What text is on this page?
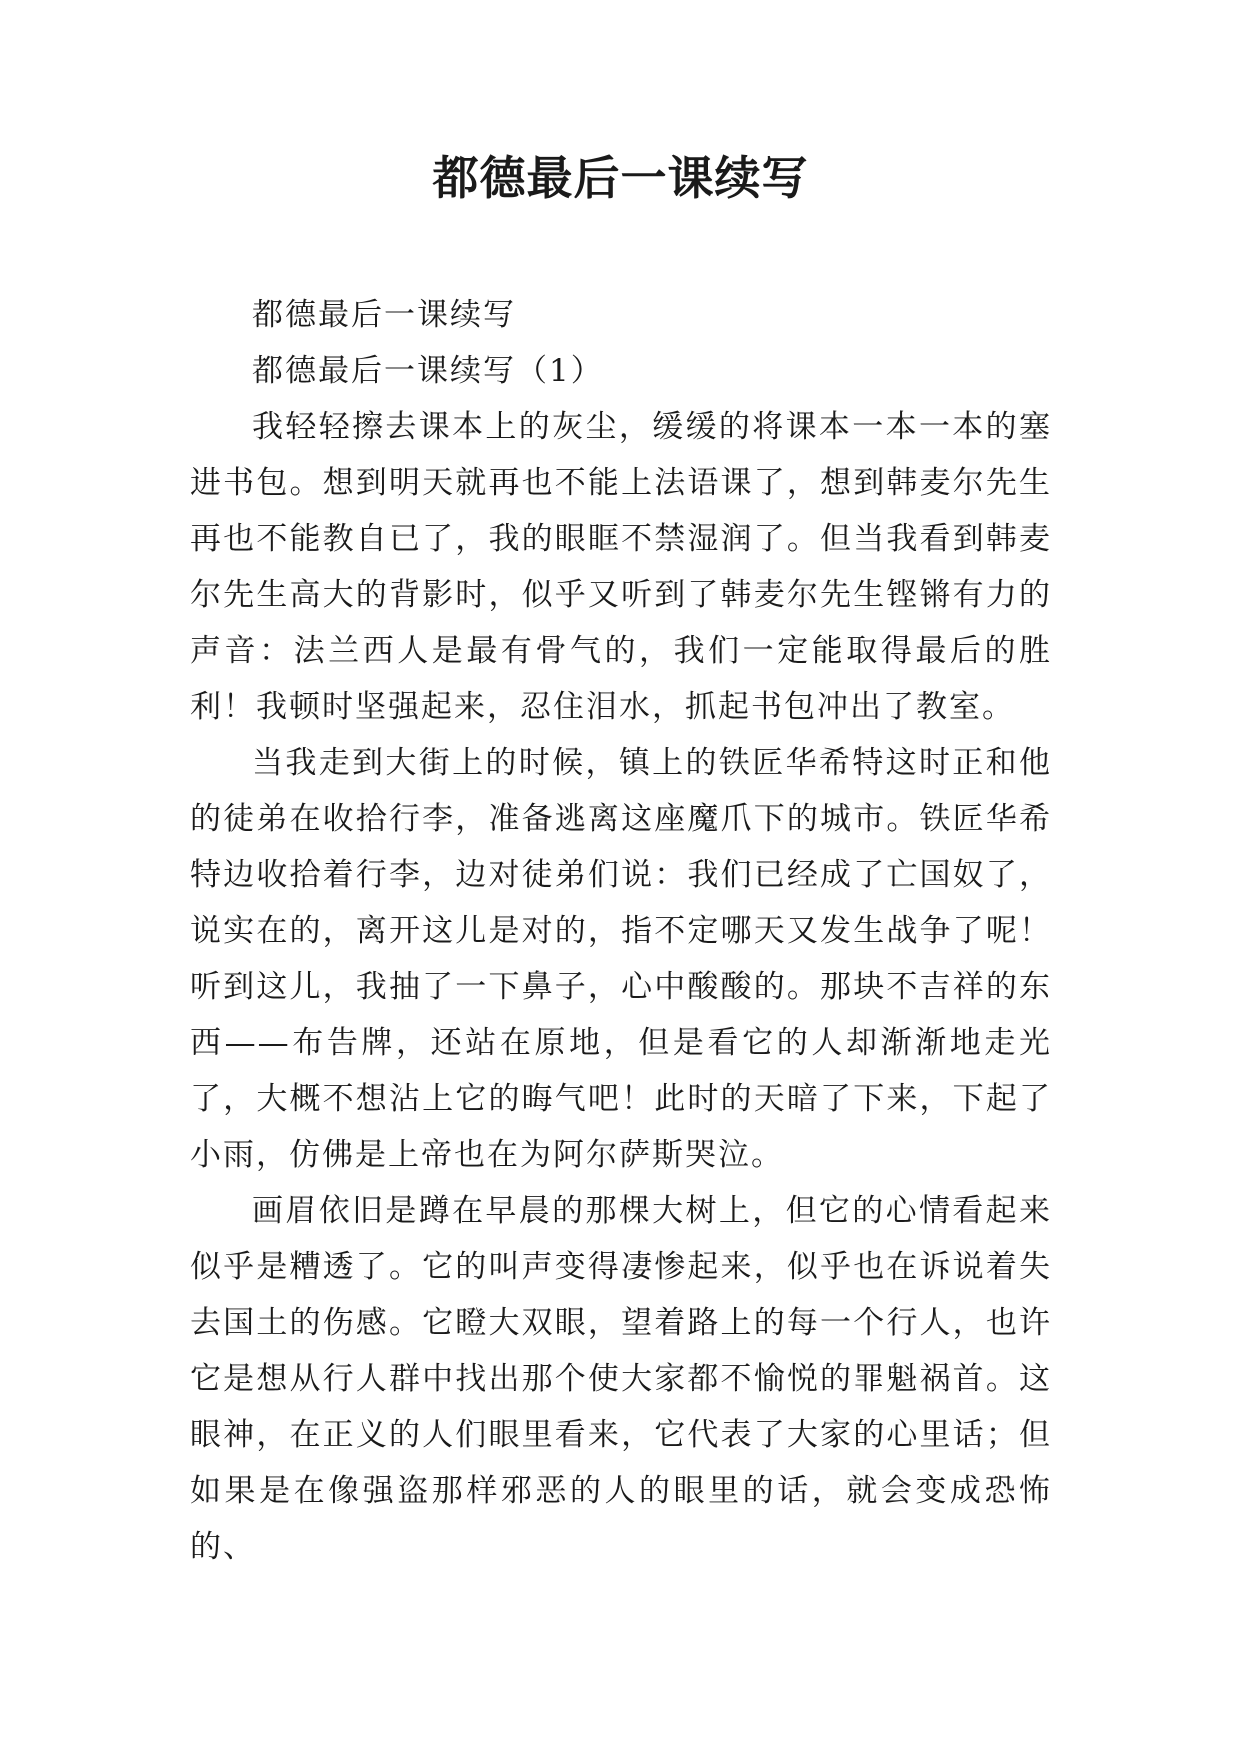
都德最后一课续写

都德最后一课续写

都德最后一课续写（1）

我轻轻擦去课本上的灰尘，缓缓的将课本一本一本的塞进书包。想到明天就再也不能上法语课了，想到韩麦尔先生再也不能教自已了，我的眼眶不禁湿润了。但当我看到韩麦尔先生高大的背影时，似乎又听到了韩麦尔先生铿锵有力的声音：法兰西人是最有骨气的，我们一定能取得最后的胜利！我顿时坚强起来，忍住泪水，抓起书包冲出了教室。

当我走到大街上的时候，镇上的铁匠华希特这时正和他的徒弟在收拾行李，准备逃离这座魔爪下的城市。铁匠华希特边收拾着行李，边对徒弟们说：我们已经成了亡国奴了，说实在的，离开这儿是对的，指不定哪天又发生战争了呢！听到这儿，我抽了一下鼻子，心中酸酸的。那块不吉祥的东西——布告牌，还站在原地，但是看它的人却渐渐地走光了，大概不想沾上它的晦气吧！此时的天暗了下来，下起了小雨，仿佛是上帝也在为阿尔萨斯哭泣。

画眉依旧是蹲在早晨的那棵大树上，但它的心情看起来似乎是糟透了。它的叫声变得凄惨起来，似乎也在诉说着失去国土的伤感。它瞪大双眼，望着路上的每一个行人，也许它是想从行人群中找出那个使大家都不愉悦的罪魁祸首。这眼神，在正义的人们眼里看来，它代表了大家的心里话；但如果是在像强盗那样邪恶的人的眼里的话，就会变成恐怖的、
